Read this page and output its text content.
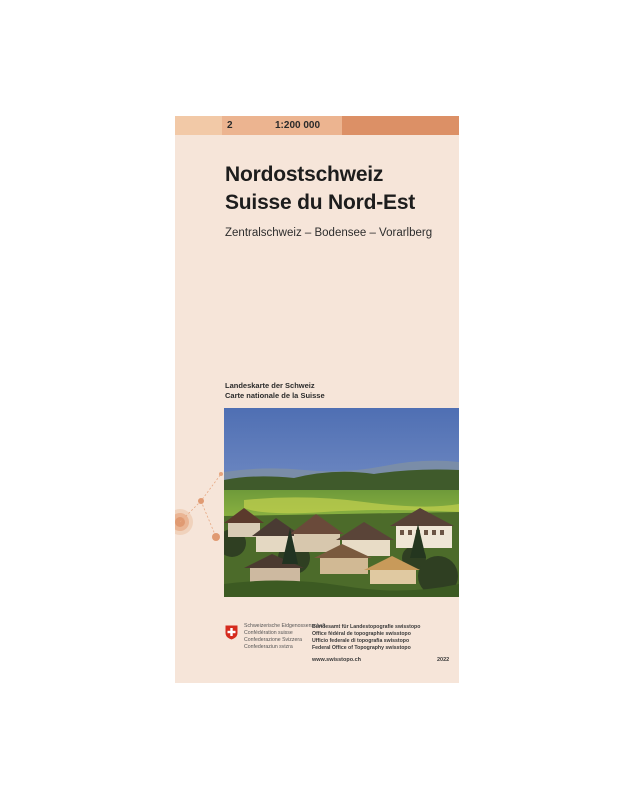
2	1:200 000
Nordostschweiz
Suisse du Nord-Est
Zentralschweiz – Bodensee – Vorarlberg
Landeskarte der Schweiz
Carte nationale de la Suisse
Schweizerische Eidgenossenschaft
Confédération suisse
Confederazione Svizzera
Confederaziun svizra
Bundesamt für Landestopografie swisstopo
Office fédéral de topographie swisstopo
Ufficio federale di topografia swisstopo
Federal Office of Topography swisstopo
www.swisstopo.ch	2022
